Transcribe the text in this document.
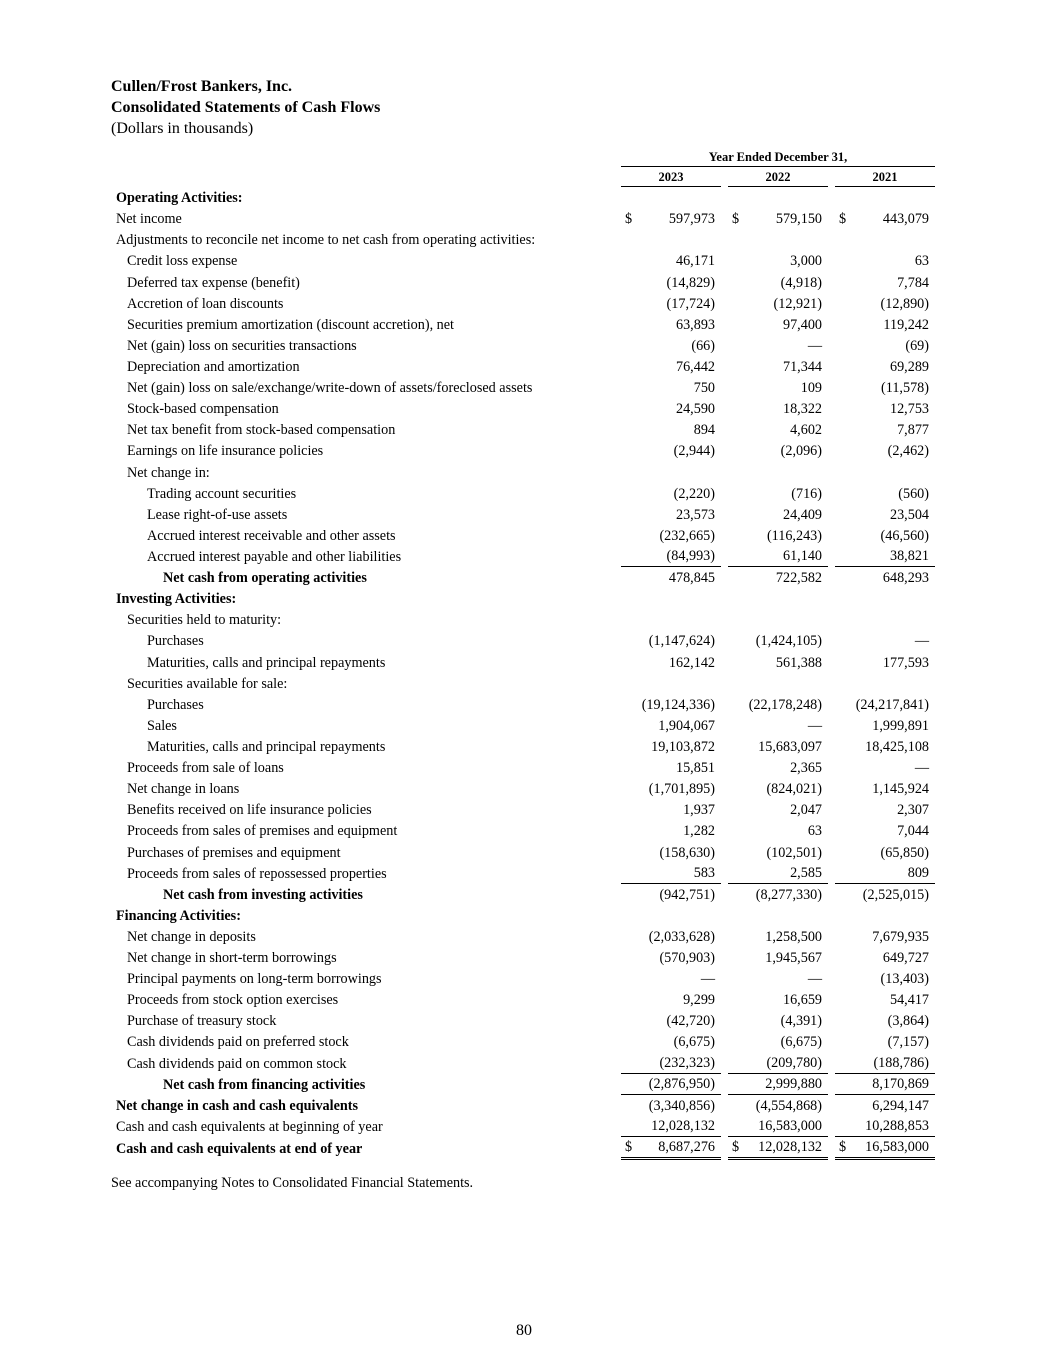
Cullen/Frost Bankers, Inc.
Consolidated Statements of Cash Flows
(Dollars in thousands)
Year Ended December 31,
2023	2022	2021
Operating Activities:					
Net income	$ 597,973		$ 579,150		$ 443,079
Adjustments to reconcile net income to net cash from operating activities:					
Credit loss expense	46,171		3,000		63
Deferred tax expense (benefit)	(14,829)		(4,918)		7,784
Accretion of loan discounts	(17,724)		(12,921)		(12,890)
Securities premium amortization (discount accretion), net	63,893		97,400		119,242
Net (gain) loss on securities transactions	(66)		—		(69)
Depreciation and amortization	76,442		71,344		69,289
Net (gain) loss on sale/exchange/write-down of assets/foreclosed assets	750		109		(11,578)
Stock-based compensation	24,590		18,322		12,753
Net tax benefit from stock-based compensation	894		4,602		7,877
Earnings on life insurance policies	(2,944)		(2,096)		(2,462)
Net change in:					
Trading account securities	(2,220)		(716)		(560)
Lease right-of-use assets	23,573		24,409		23,504
Accrued interest receivable and other assets	(232,665)		(116,243)		(46,560)
Accrued interest payable and other liabilities	(84,993)		61,140		38,821
Net cash from operating activities	478,845		722,582		648,293
Investing Activities:					
Securities held to maturity:					
Purchases	(1,147,624)		(1,424,105)		—
Maturities, calls and principal repayments	162,142		561,388		177,593
Securities available for sale:					
Purchases	(19,124,336)		(22,178,248)		(24,217,841)
Sales	1,904,067		—		1,999,891
Maturities, calls and principal repayments	19,103,872		15,683,097		18,425,108
Proceeds from sale of loans	15,851		2,365		—
Net change in loans	(1,701,895)		(824,021)		1,145,924
Benefits received on life insurance policies	1,937		2,047		2,307
Proceeds from sales of premises and equipment	1,282		63		7,044
Purchases of premises and equipment	(158,630)		(102,501)		(65,850)
Proceeds from sales of repossessed properties	583		2,585		809
Net cash from investing activities	(942,751)		(8,277,330)		(2,525,015)
Financing Activities:					
Net change in deposits	(2,033,628)		1,258,500		7,679,935
Net change in short-term borrowings	(570,903)		1,945,567		649,727
Principal payments on long-term borrowings	—		—		(13,403)
Proceeds from stock option exercises	9,299		16,659		54,417
Purchase of treasury stock	(42,720)		(4,391)		(3,864)
Cash dividends paid on preferred stock	(6,675)		(6,675)		(7,157)
Cash dividends paid on common stock	(232,323)		(209,780)		(188,786)
Net cash from financing activities	(2,876,950)		2,999,880		8,170,869
Net change in cash and cash equivalents	(3,340,856)		(4,554,868)		6,294,147
Cash and cash equivalents at beginning of year	12,028,132		16,583,000		10,288,853
Cash and cash equivalents at end of year	$ 8,687,276		$ 12,028,132		$ 16,583,000
See accompanying Notes to Consolidated Financial Statements.
80
